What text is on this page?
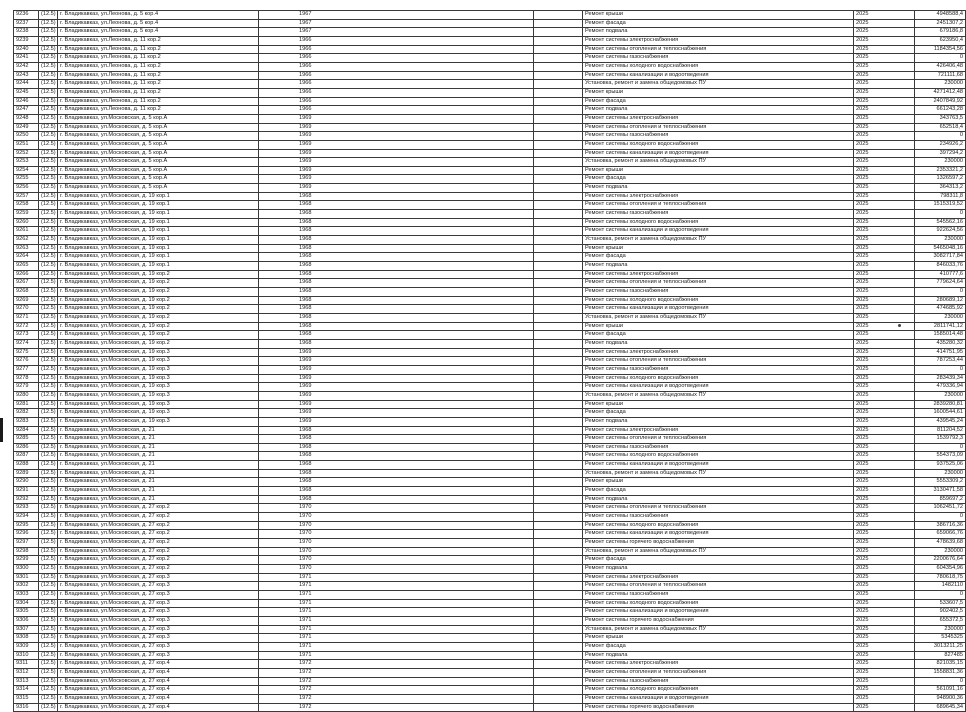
9236	(12.5)	г. Владикавказ, ул.Леонова, д. 5 кор.4	1967		Ремонт крыши	2025	4948588,4
9237	(12.5)	г. Владикавказ, ул.Леонова, д. 5 кор.4	1967		Ремонт фасада	2025	2451307,2
9238	(12.5)	г. Владикавказ, ул.Леонова, д. 5 кор.4	1967		Ремонт подвала	2025	679186,8
9239	(12.5)	г. Владикавказ, ул.Леонова, д. 11 кор.2	1966		Ремонт системы электроснабжения	2025	623950,4
9240	(12.5)	г. Владикавказ, ул.Леонова, д. 11 кор.2	1966		Ремонт системы отопления и теплоснабжения	2025	1184354,56
9241	(12.5)	г. Владикавказ, ул.Леонова, д. 11 кор.2	1966		Ремонт системы газоснабжения	2025	0
9242	(12.5)	г. Владикавказ, ул.Леонова, д. 11 кор.2	1966		Ремонт системы холодного водоснабжения	2025	426406,48
9243	(12.5)	г. Владикавказ, ул.Леонова, д. 11 кор.2	1966		Ремонт системы канализации и водоотведения	2025	721111,68
9244	(12.5)	г. Владикавказ, ул.Леонова, д. 11 кор.2	1966		Установка, ремонт и замена общедомовых ПУ	2025	230000
9245	(12.5)	г. Владикавказ, ул.Леонова, д. 11 кор.2	1966		Ремонт крыши	2025	4271412,48
9246	(12.5)	г. Владикавказ, ул.Леонова, д. 11 кор.2	1966		Ремонт фасада	2025	2407849,92
9247	(12.5)	г. Владикавказ, ул.Леонова, д. 11 кор.2	1966		Ремонт подвала	2025	661243,28
9248	(12.5)	г. Владикавказ, ул.Московская, д. 5 кор.А	1969		Ремонт системы электроснабжения	2025	343763,5
9249	(12.5)	г. Владикавказ, ул.Московская, д. 5 кор.А	1969		Ремонт системы отопления и теплоснабжения	2025	652518,4
9250	(12.5)	г. Владикавказ, ул.Московская, д. 5 кор.А	1969		Ремонт системы газоснабжения	2025	0
9251	(12.5)	г. Владикавказ, ул.Московская, д. 5 кор.А	1969		Ремонт системы холодного водоснабжения	2025	234926,2
9252	(12.5)	г. Владикавказ, ул.Московская, д. 5 кор.А	1969		Ремонт системы канализации и водоотведения	2025	397294,2
9253	(12.5)	г. Владикавказ, ул.Московская, д. 5 кор.А	1969		Установка, ремонт и замена общедомовых ПУ	2025	230000
9254	(12.5)	г. Владикавказ, ул.Московская, д. 5 кор.А	1969		Ремонт крыши	2025	2353321,2
9255	(12.5)	г. Владикавказ, ул.Московская, д. 5 кор.А	1969		Ремонт фасада	2025	1326597,2
9256	(12.5)	г. Владикавказ, ул.Московская, д. 5 кор.А	1969		Ремонт подвала	2025	364313,2
9257	(12.5)	г. Владикавказ, ул.Московская, д. 19 кор.1	1968		Ремонт системы электроснабжения	2025	798311,8
9258	(12.5)	г. Владикавказ, ул.Московская, д. 19 кор.1	1968		Ремонт системы отопления и теплоснабжения	2025	1515319,52
9259	(12.5)	г. Владикавказ, ул.Московская, д. 19 кор.1	1968		Ремонт системы газоснабжения	2025	0
9260	(12.5)	г. Владикавказ, ул.Московская, д. 19 кор.1	1968		Ремонт системы холодного водоснабжения	2025	545562,16
9261	(12.5)	г. Владикавказ, ул.Московская, д. 19 кор.1	1968		Ремонт системы канализации и водоотведения	2025	922624,56
9262	(12.5)	г. Владикавказ, ул.Московская, д. 19 кор.1	1968		Установка, ремонт и замена общедомовых ПУ	2025	230000
9263	(12.5)	г. Владикавказ, ул.Московская, д. 19 кор.1	1968		Ремонт крыши	2025	5465048,16
9264	(12.5)	г. Владикавказ, ул.Московская, д. 19 кор.1	1968		Ремонт фасада	2025	3082717,84
9265	(12.5)	г. Владикавказ, ул.Московская, д. 19 кор.1	1968		Ремонт подвала	2025	846033,76
9266	(12.5)	г. Владикавказ, ул.Московская, д. 19 кор.2	1968		Ремонт системы электроснабжения	2025	410777,6
9267	(12.5)	г. Владикавказ, ул.Московская, д. 19 кор.2	1968		Ремонт системы отопления и теплоснабжения	2025	779624,64
9268	(12.5)	г. Владикавказ, ул.Московская, д. 19 кор.2	1968		Ремонт системы газоснабжения	2025	0
9269	(12.5)	г. Владикавказ, ул.Московская, д. 19 кор.2	1968		Ремонт системы холодного водоснабжения	2025	280689,12
9270	(12.5)	г. Владикавказ, ул.Московская, д. 19 кор.2	1968		Ремонт системы канализации и водоотведения	2025	474685,92
9271	(12.5)	г. Владикавказ, ул.Московская, д. 19 кор.2	1968		Установка, ремонт и замена общедомовых ПУ	2025	230000
9272	(12.5)	г. Владикавказ, ул.Московская, д. 19 кор.2	1968		Ремонт крыши	2025	2811741,12
9273	(12.5)	г. Владикавказ, ул.Московская, д. 19 кор.2	1968		Ремонт фасада	2025	1585014,48
9274	(12.5)	г. Владикавказ, ул.Московская, д. 19 кор.2	1968		Ремонт подвала	2025	435280,32
9275	(12.5)	г. Владикавказ, ул.Московская, д. 19 кор.3	1969		Ремонт системы электроснабжения	2025	414751,95
9276	(12.5)	г. Владикавказ, ул.Московская, д. 19 кор.3	1969		Ремонт системы отопления и теплоснабжения	2025	787253,44
9277	(12.5)	г. Владикавказ, ул.Московская, д. 19 кор.3	1969		Ремонт системы газоснабжения	2025	0
9278	(12.5)	г. Владикавказ, ул.Московская, д. 19 кор.3	1969		Ремонт системы холодного водоснабжения	2025	283439,34
9279	(12.5)	г. Владикавказ, ул.Московская, д. 19 кор.3	1969		Ремонт системы канализации и водоотведения	2025	479336,94
9280	(12.5)	г. Владикавказ, ул.Московская, д. 19 кор.3	1969		Установка, ремонт и замена общедомовых ПУ	2025	230000
9281	(12.5)	г. Владикавказ, ул.Московская, д. 19 кор.3	1969		Ремонт крыши	2025	2839280,81
9282	(12.5)	г. Владикавказ, ул.Московская, д. 19 кор.3	1969		Ремонт фасада	2025	1600544,61
9283	(12.5)	г. Владикавказ, ул.Московская, д. 19 кор.3	1969		Ремонт подвала	2025	439545,24
9284	(12.5)	г. Владикавказ, ул.Московская, д. 21	1968		Ремонт системы электроснабжения	2025	811204,52
9285	(12.5)	г. Владикавказ, ул.Московская, д. 21	1968		Ремонт системы отопления и теплоснабжения	2025	1539792,3
9286	(12.5)	г. Владикавказ, ул.Московская, д. 21	1968		Ремонт системы газоснабжения	2025	0
9287	(12.5)	г. Владикавказ, ул.Московская, д. 21	1968		Ремонт системы холодного водоснабжения	2025	554373,09
9288	(12.5)	г. Владикавказ, ул.Московская, д. 21	1968		Ремонт системы канализации и водоотведения	2025	937525,06
9289	(12.5)	г. Владикавказ, ул.Московская, д. 21	1968		Установка, ремонт и замена общедомовых ПУ	2025	230000
9290	(12.5)	г. Владикавказ, ул.Московская, д. 21	1968		Ремонт крыши	2025	5553309,2
9291	(12.5)	г. Владикавказ, ул.Московская, д. 21	1968		Ремонт фасада	2025	3130471,58
9292	(12.5)	г. Владикавказ, ул.Московская, д. 21	1968		Ремонт подвала	2025	859697,2
9293	(12.5)	г. Владикавказ, ул.Московская, д. 27 кор.2	1970		Ремонт системы отопления и теплоснабжения	2025	1062451,72
9294	(12.5)	г. Владикавказ, ул.Московская, д. 27 кор.2	1970		Ремонт системы газоснабжения	2025	0
9295	(12.5)	г. Владикавказ, ул.Московская, д. 27 кор.2	1970		Ремонт системы холодного водоснабжения	2025	386716,36
9296	(12.5)	г. Владикавказ, ул.Московская, д. 27 кор.2	1970		Ремонт системы канализации и водоотведения	2025	659066,76
9297	(12.5)	г. Владикавказ, ул.Московская, д. 27 кор.2	1970		Ремонт системы горячего водоснабжения	2025	478639,68
9298	(12.5)	г. Владикавказ, ул.Московская, д. 27 кор.2	1970		Установка, ремонт и замена общедомовых ПУ	2025	230000
9299	(12.5)	г. Владикавказ, ул.Московская, д. 27 кор.2	1970		Ремонт фасада	2025	2200676,64
9300	(12.5)	г. Владикавказ, ул.Московская, д. 27 кор.2	1970		Ремонт подвала	2025	604354,96
9301	(12.5)	г. Владикавказ, ул.Московская, д. 27 кор.3	1971		Ремонт системы электроснабжения	2025	780618,75
9302	(12.5)	г. Владикавказ, ул.Московская, д. 27 кор.3	1971		Ремонт системы отопления и теплоснабжения	2025	1482110
9303	(12.5)	г. Владикавказ, ул.Московская, д. 27 кор.3	1971		Ремонт системы газоснабжения	2025	0
9304	(12.5)	г. Владикавказ, ул.Московская, д. 27 кор.3	1971		Ремонт системы холодного водоснабжения	2025	533607,5
9305	(12.5)	г. Владикавказ, ул.Московская, д. 27 кор.3	1971		Ремонт системы канализации и водоотведения	2025	902402,5
9306	(12.5)	г. Владикавказ, ул.Московская, д. 27 кор.3	1971		Ремонт системы горячего водоснабжения	2025	655372,5
9307	(12.5)	г. Владикавказ, ул.Московская, д. 27 кор.3	1971		Установка, ремонт и замена общедомовых ПУ	2025	230000
9308	(12.5)	г. Владикавказ, ул.Московская, д. 27 кор.3	1971		Ремонт крыши	2025	5345325
9309	(12.5)	г. Владикавказ, ул.Московская, д. 27 кор.3	1971		Ремонт фасада	2025	3013211,25
9310	(12.5)	г. Владикавказ, ул.Московская, д. 27 кор.3	1971		Ремонт подвала	2025	827485
9311	(12.5)	г. Владикавказ, ул.Московская, д. 27 кор.4	1972		Ремонт системы электроснабжения	2025	821035,15
9312	(12.5)	г. Владикавказ, ул.Московская, д. 27 кор.4	1972		Ремонт системы отопления и теплоснабжения	2025	1558831,36
9313	(12.5)	г. Владикавказ, ул.Московская, д. 27 кор.4	1972		Ремонт системы газоснабжения	2025	0
9314	(12.5)	г. Владикавказ, ул.Московская, д. 27 кор.4	1972		Ремонт системы холодного водоснабжения	2025	561091,16
9315	(12.5)	г. Владикавказ, ул.Московская, д. 27 кор.4	1972		Ремонт системы канализации и водоотведения	2025	948900,36
9316	(12.5)	г. Владикавказ, ул.Московская, д. 27 кор.4	1972		Ремонт системы горячего водоснабжения	2025	689645,34
